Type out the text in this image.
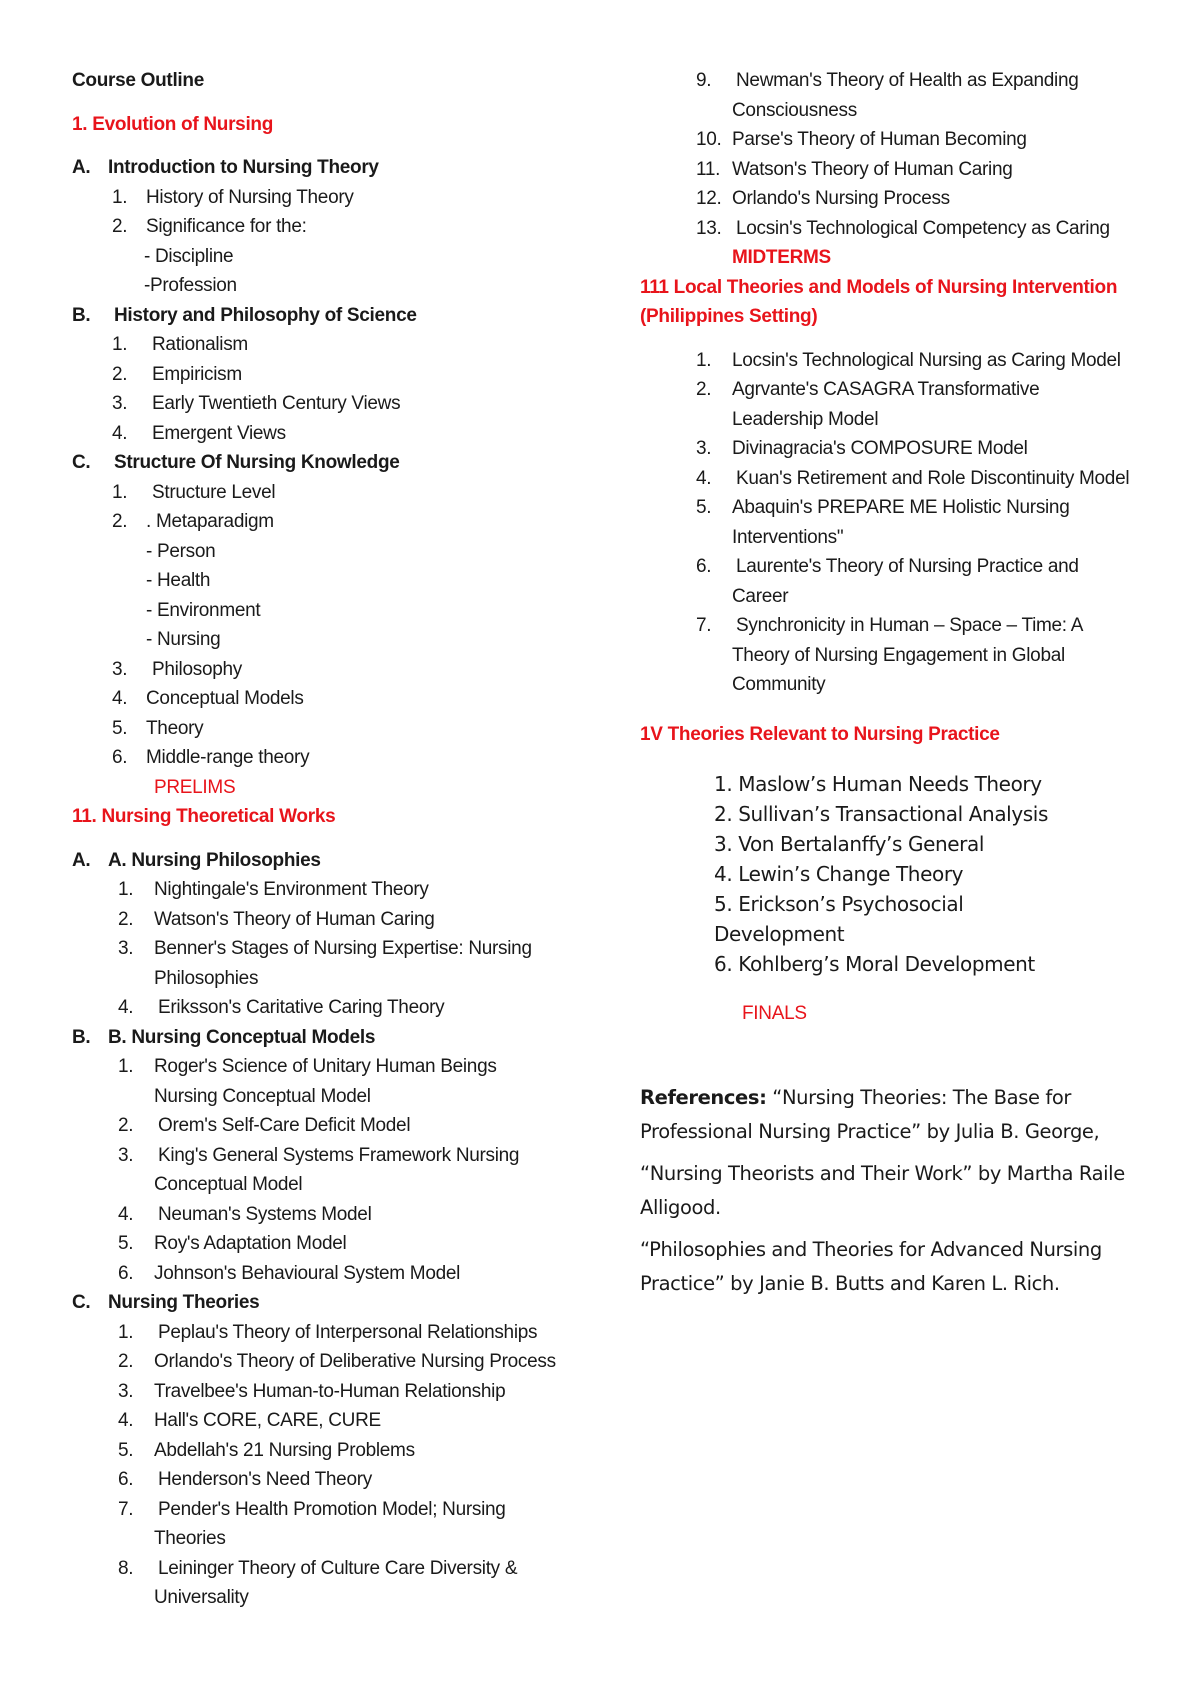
Course Outline
1. Evolution of Nursing
A. Introduction to Nursing Theory
1. History of Nursing Theory
2. Significance for the:
- Discipline
-Profession
B. History and Philosophy of Science
1. Rationalism
2. Empiricism
3. Early Twentieth Century Views
4. Emergent Views
C. Structure Of Nursing Knowledge
1. Structure Level
2. . Metaparadigm
- Person
- Health
- Environment
- Nursing
3. Philosophy
4. Conceptual Models
5. Theory
6. Middle-range theory
PRELIMS
11. Nursing Theoretical Works
A. A. Nursing Philosophies
1. Nightingale's Environment Theory
2. Watson's Theory of Human Caring
3. Benner's Stages of Nursing Expertise: Nursing
Philosophies
4. Eriksson's Caritative Caring Theory
B. B. Nursing Conceptual Models
1. Roger's Science of Unitary Human Beings
Nursing Conceptual Model
2. Orem's Self-Care Deficit Model
3. King's General Systems Framework Nursing
Conceptual Model
4. Neuman's Systems Model
5. Roy's Adaptation Model
6. Johnson's Behavioural System Model
C. Nursing Theories
1. Peplau's Theory of Interpersonal Relationships
2. Orlando's Theory of Deliberative Nursing Process
3. Travelbee's Human-to-Human Relationship
4. Hall's CORE, CARE, CURE
5. Abdellah's 21 Nursing Problems
6. Henderson's Need Theory
7. Pender's Health Promotion Model; Nursing
Theories
8. Leininger Theory of Culture Care Diversity &
Universality
9. Newman's Theory of Health as Expanding
Consciousness
10. Parse's Theory of Human Becoming
11. Watson's Theory of Human Caring
12. Orlando's Nursing Process
13. Locsin's Technological Competency as Caring
MIDTERMS
111 Local Theories and Models of Nursing Intervention
(Philippines Setting)
1. Locsin's Technological Nursing as Caring Model
2. Agrvante's CASAGRA Transformative
Leadership Model
3. Divinagracia's COMPOSURE Model
4. Kuan's Retirement and Role Discontinuity Model
5. Abaquin's PREPARE ME Holistic Nursing
Interventions"
6. Laurente's Theory of Nursing Practice and
Career
7. Synchronicity in Human – Space – Time: A
Theory of Nursing Engagement in Global
Community
1V Theories Relevant to Nursing Practice
1. Maslow’s Human Needs Theory
2. Sullivan’s Transactional Analysis
3. Von Bertalanffy’s General
4. Lewin’s Change Theory
5. Erickson’s Psychosocial
Development
6. Kohlberg’s Moral Development
FINALS
References: “Nursing Theories: The Base for Professional Nursing Practice” by Julia B. George,
“Nursing Theorists and Their Work” by Martha Raile Alligood.
“Philosophies and Theories for Advanced Nursing Practice” by Janie B. Butts and Karen L. Rich.
